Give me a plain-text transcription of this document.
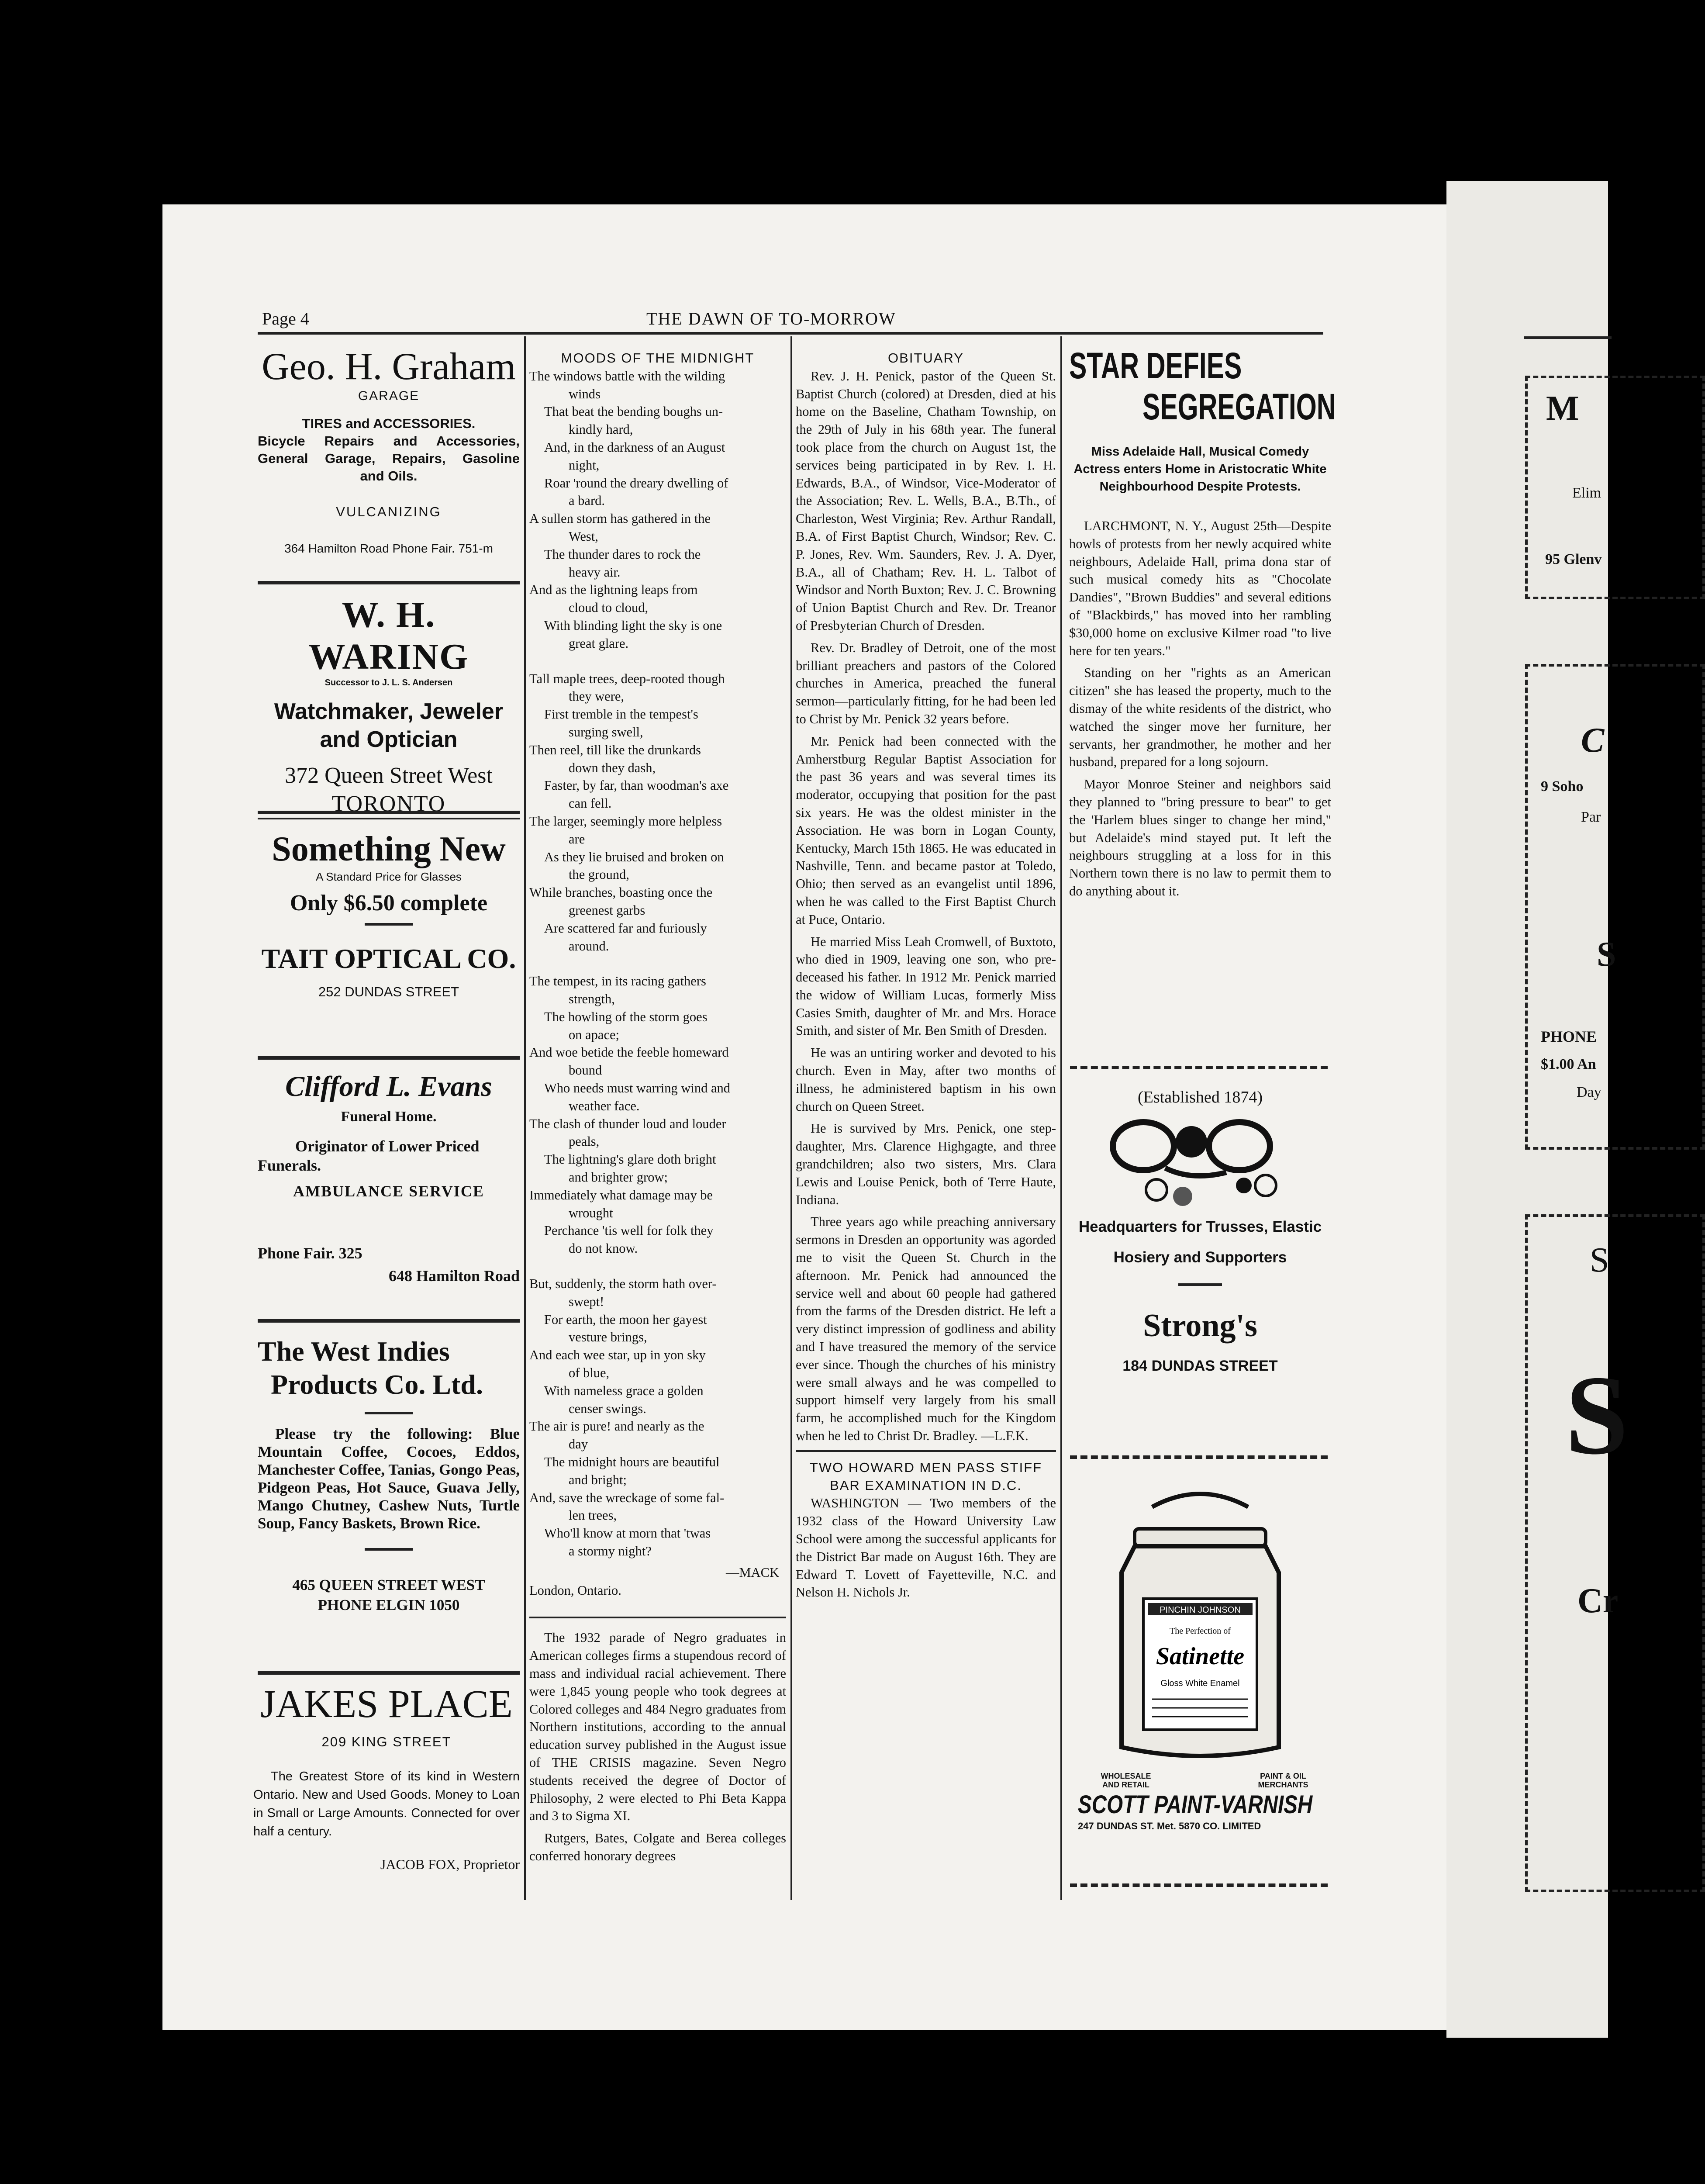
Page 4	THE DAWN OF TO-MORROW
Geo. H. Graham
GARAGE
TIRES and ACCESSORIES.
Bicycle Repairs and Accessories,
General Garage, Repairs, Gasoline
and Oils.
VULCANIZING
364 Hamilton Road Phone Fair. 751-m
W. H. WARING
Successor to J. L. S. Andersen
Watchmaker, Jeweler
and Optician
372 Queen Street West
TORONTO
Something New
A Standard Price for Glasses
Only $6.50 complete
TAIT OPTICAL CO.
252 DUNDAS STREET
Clifford L. Evans
Funeral Home.
Originator of Lower Priced
Funerals.
AMBULANCE SERVICE
Phone Fair. 325
648 Hamilton Road
The West Indies
Products Co. Ltd.
Please try the following: Blue Mountain Coffee, Cocoes, Eddos, Manchester Coffee, Tanias, Gongo Peas, Pidgeon Peas, Hot Sauce, Guava Jelly, Mango Chutney, Cashew Nuts, Turtle Soup, Fancy Baskets, Brown Rice.
465 QUEEN STREET WEST
PHONE ELGIN 1050
JAKES PLACE
209 KING STREET
The Greatest Store of its kind in Western Ontario. New and Used Goods. Money to Loan in Small or Large Amounts. Connected for over half a century.
JACOB FOX, Proprietor
MOODS OF THE MIDNIGHT
The windows battle with the wilding
winds
That beat the bending boughs un-
kindly hard,
And, in the darkness of an August
night,
Roar 'round the dreary dwelling of
a bard.
A sullen storm has gathered in the
West,
The thunder dares to rock the
heavy air.
And as the lightning leaps from
cloud to cloud,
With blinding light the sky is one
great glare.
Tall maple trees, deep-rooted though
they were,
First tremble in the tempest's
surging swell,
Then reel, till like the drunkards
down they dash,
Faster, by far, than woodman's axe
can fell.
The larger, seemingly more helpless
are
As they lie bruised and broken on
the ground,
While branches, boasting once the
greenest garbs
Are scattered far and furiously
around.
The tempest, in its racing gathers
strength,
The howling of the storm goes
on apace;
And woe betide the feeble homeward
bound
Who needs must warring wind and
weather face.
The clash of thunder loud and louder
peals,
The lightning's glare doth bright
and brighter grow;
Immediately what damage may be
wrought
Perchance 'tis well for folk they
do not know.
But, suddenly, the storm hath over-
swept!
For earth, the moon her gayest
vesture brings,
And each wee star, up in yon sky
of blue,
With nameless grace a golden
censer swings.
The air is pure! and nearly as the
day
The midnight hours are beautiful
and bright;
And, save the wreckage of some fal-
len trees,
Who'll know at morn that 'twas
a stormy night?
—MACK
London, Ontario.

The 1932 parade of Negro graduates in American colleges firms a stupendous record of mass and individual racial achievement. There were 1,845 young people who took degrees at Colored colleges and 484 Negro graduates from Northern institutions, according to the annual education survey published in the August issue of THE CRISIS magazine. Seven Negro students received the degree of Doctor of Philosophy, 2 were elected to Phi Beta Kappa and 3 to Sigma XI.

Rutgers, Bates, Colgate and Berea colleges conferred honorary degrees

OBITUARY

Rev. J. H. Penick, pastor of the Queen St. Baptist Church (colored) at Dresden, died at his home on the Baseline, Chatham Township, on the 29th of July in his 68th year. The funeral took place from the church on August 1st, the services being participated in by Rev. I. H. Edwards, B.A., of Windsor, Vice-Moderator of the Association; Rev. L. Wells, B.A., B.Th., of Charleston, West Virginia; Rev. Arthur Randall, B.A. of First Baptist Church, Windsor; Rev. C. P. Jones, Rev. Wm. Saunders, Rev. J. A. Dyer, B.A., all of Chatham; Rev. H. L. Talbot of Windsor and North Buxton; Rev. J. C. Browning of Union Baptist Church and Rev. Dr. Treanor of Presbyterian Church of Dresden.

Rev. Dr. Bradley of Detroit, one of the most brilliant preachers and pastors of the Colored churches in America, preached the funeral sermon—particularly fitting, for he had been led to Christ by Mr. Penick 32 years before.

Mr. Penick had been connected with the Amherstburg Regular Baptist Association for the past 36 years and was several times its moderator, occupying that position for the past six years. He was the oldest minister in the Association. He was born in Logan County, Kentucky, March 15th 1865. He was educated in Nashville, Tenn. and became pastor at Toledo, Ohio; then served as an evangelist until 1896, when he was called to the First Baptist Church at Puce, Ontario.

He married Miss Leah Cromwell, of Buxtoto, who died in 1909, leaving one son, who pre-deceased his father. In 1912 Mr. Penick married the widow of William Lucas, formerly Miss Casies Smith, daughter of Mr. and Mrs. Horace Smith, and sister of Mr. Ben Smith of Dresden.

He was an untiring worker and devoted to his church. Even in May, after two months of illness, he administered baptism in his own church on Queen Street.

He is survived by Mrs. Penick, one step-daughter, Mrs. Clarence Highgagte, and three grandchildren; also two sisters, Mrs. Clara Lewis and Louise Penick, both of Terre Haute, Indiana.

Three years ago while preaching anniversary sermons in Dresden an opportunity was agorded me to visit the Queen St. Church in the afternoon. Mr. Penick had announced the service well and about 60 people had gathered from the farms of the Dresden district. He left a very distinct impression of godliness and ability and I have treasured the memory of the service ever since. Though the churches of his ministry were small always and he was compelled to support himself very largely from his small farm, he accomplished much for the Kingdom when he led to Christ Dr. Bradley. —L.F.K.

TWO HOWARD MEN PASS STIFF
BAR EXAMINATION IN D.C.

WASHINGTON — Two members of the 1932 class of the Howard University Law School were among the successful applicants for the District Bar made on August 16th. They are Edward T. Lovett of Fayetteville, N.C. and Nelson H. Nichols Jr.

STAR DEFIES
SEGREGATION
Miss Adelaide Hall, Musical Comedy Actress enters Home in Aristocratic White Neighbourhood Despite Protests.

LARCHMONT, N. Y., August 25th—Despite howls of protests from her newly acquired white neighbours, Adelaide Hall, prima dona star of such musical comedy hits as "Chocolate Dandies", "Brown Buddies" and several editions of "Blackbirds," has moved into her rambling $30,000 home on exclusive Kilmer road "to live here for ten years."

Standing on her "rights as an American citizen" she has leased the property, much to the dismay of the white residents of the district, who watched the singer move her furniture, her servants, her grandmother, he mother and her husband, prepared for a long sojourn.

Mayor Monroe Steiner and neighbors said they planned to "bring pressure to bear" to get the 'Harlem blues singer to change her mind," but Adelaide's mind stayed put. It left the neighbours struggling at a loss for in this Northern town there is no law to permit them to do anything about it.

(Established 1874)
Headquarters for Trusses, Elastic
Hosiery and Supporters
Strong's
184 DUNDAS STREET
PINCHIN JOHNSON
The Perfection of
Satinette
Gloss White Enamel
WHOLESALE AND RETAIL
PAINT & OIL MERCHANTS
SCOTT PAINT-VARNISH
247 DUNDAS ST. Met. 5870 CO. LIMITED
M
Elim
95 Glenv
C
9 Soho
Par
S
PHONE
$1.00 An
Day
S
S
Cr
